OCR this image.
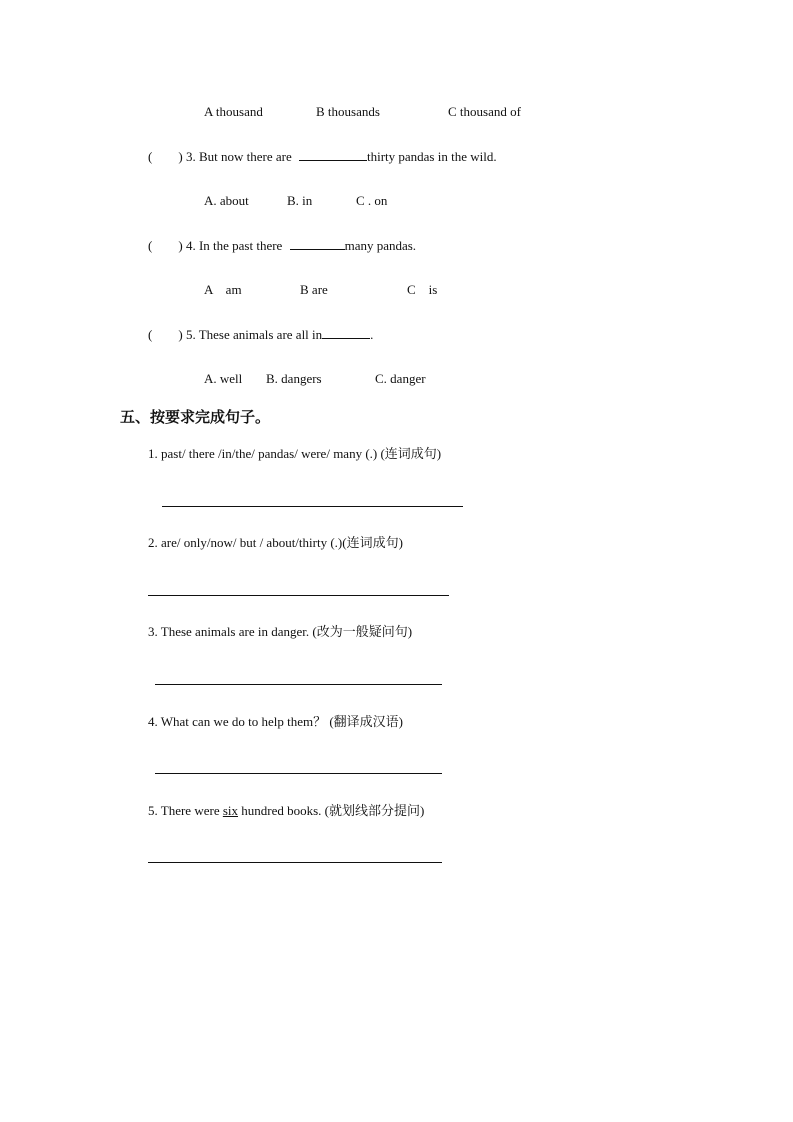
A thousand	B thousands	C thousand of
( ) 3. But now there are	thirty pandas in the wild.
A. about	B. in	C . on
( ) 4. In the past there	many pandas.
A    am	B are	C    is
( ) 5. These animals are all in	.
A. well B. dangers	C. danger
五、按要求完成句子。
1. past/ there /in/the/ pandas/ were/ many (.) (连词成句)
2. are/ only/now/ but / about/thirty (.)(连词成句)
3. These animals are in danger. (改为一般疑问句)
4. What can we do to help them？ (翻译成汉语)
5. There were six hundred books. (就划线部分提问)
